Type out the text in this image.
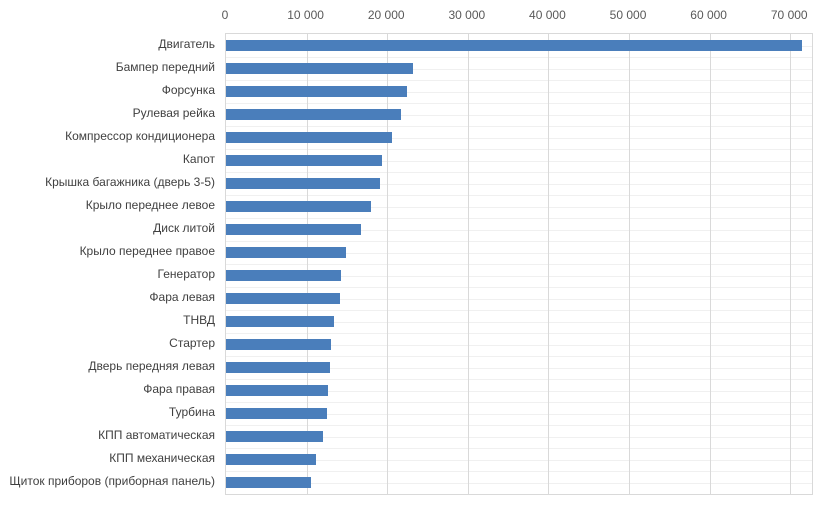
0	10 000	20 000	30 000	40 000	50 000	60 000	70 000
Двигатель
Бампер передний
Форсунка
Рулевая рейка
Компрессор кондиционера
Капот
Крышка багажника (дверь 3-5)
Крыло переднее левое
Диск литой
Крыло переднее правое
Генератор
Фара левая
ТНВД
Стартер
Дверь передняя левая
Фара правая
Турбина
КПП автоматическая
КПП механическая
Щиток приборов (приборная панель)
